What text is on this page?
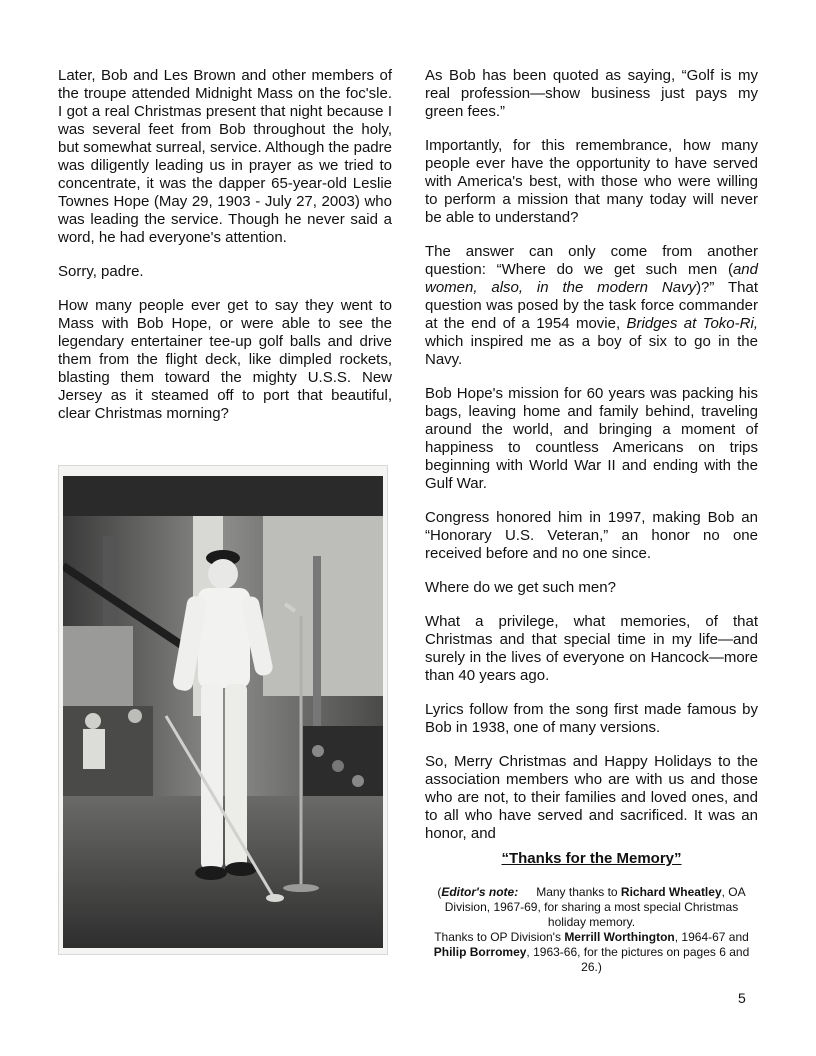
Later, Bob and Les Brown and other members of the troupe attended Midnight Mass on the foc'sle. I got a real Christmas present that night because I was several feet from Bob throughout the holy, but somewhat surreal, service. Although the padre was diligently leading us in prayer as we tried to concentrate, it was the dapper 65-year-old Leslie Townes Hope (May 29, 1903 - July 27, 2003) who was leading the service. Though he never said a word, he had everyone's attention.

Sorry, padre.

How many people ever get to say they went to Mass with Bob Hope, or were able to see the legendary entertainer tee-up golf balls and drive them from the flight deck, like dimpled rockets, blasting them toward the mighty U.S.S. New Jersey as it steamed off to port that beautiful, clear Christmas morning?

As Bob has been quoted as saying, “Golf is my real profession—show business just pays my green fees.”

Importantly, for this remembrance, how many people ever have the opportunity to have served with America's best, with those who were willing to perform a mission that many today will never be able to understand?

The answer can only come from another question: “Where do we get such men (and women, also, in the modern Navy)?” That question was posed by the task force commander at the end of a 1954 movie, Bridges at Toko-Ri, which inspired me as a boy of six to go in the Navy.

Bob Hope's mission for 60 years was packing his bags, leaving home and family behind, traveling around the world, and bringing a moment of happiness to countless Americans on trips beginning with World War II and ending with the Gulf War.

Congress honored him in 1997, making Bob an “Honorary U.S. Veteran,” an honor no one received before and no one since.

Where do we get such men?

What a privilege, what memories, of that Christmas and that special time in my life—and surely in the lives of everyone on Hancock—more than 40 years ago.

Lyrics follow from the song first made famous by Bob in 1938, one of many versions.

So, Merry Christmas and Happy Holidays to the association members who are with us and those who are not, to their families and loved ones, and to all who have served and sacrificed. It was an honor, and

“Thanks for the Memory”
(Editor's note: Many thanks to Richard Wheatley, OA Division, 1967-69, for sharing a most special Christmas holiday memory.
Thanks to OP Division's Merrill Worthington, 1964-67 and Philip Borromey, 1963-66, for the pictures on pages 6 and 26.)
5
